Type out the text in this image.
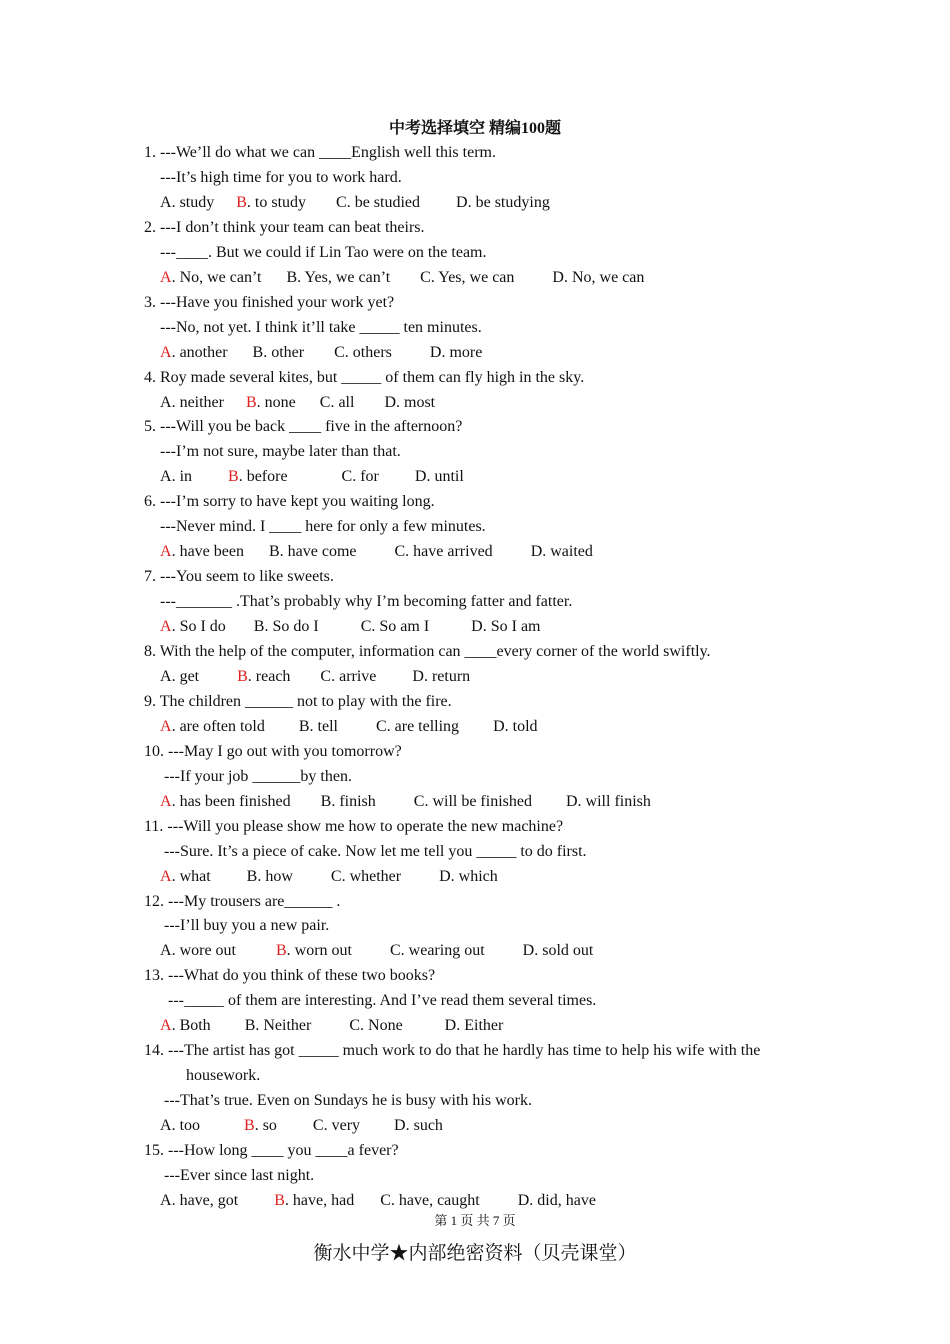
中考选择填空 精编100题
1. ---We’ll do what we can ____English well this term.
---It’s high time for you to work hard.
A. study B. to study C. be studied D. be studying
2. ---I don’t think your team can beat theirs.
---____. But we could if Lin Tao were on the team.
A. No, we can’t B. Yes, we can’t C. Yes, we can D. No, we can
3. ---Have you finished your work yet?
---No, not yet. I think it’ll take _____ ten minutes.
A. another B. other C. others D. more
4. Roy made several kites, but _____ of them can fly high in the sky.
A. neither B. none C. all D. most
5. ---Will you be back ____ five in the afternoon?
---I’m not sure, maybe later than that.
A. in B. before	C. for D. until
6. ---I’m sorry to have kept you waiting long.
---Never mind. I ____ here for only a few minutes.
A. have been B. have come C. have arrived D. waited
7. ---You seem to like sweets.
---_______ .That’s probably why I’m becoming fatter and fatter.
A. So I do B. So do I	C. So am I	D. So I am
8. With the help of the computer, information can ____every corner of the world swiftly.
A. get B. reach C. arrive D. return
9. The children ______ not to play with the fire.
A. are often told B. tell C. are telling D. told
10. ---May I go out with you tomorrow?
---If your job ______by then.
A. has been finished B. finish C. will be finished D. will finish
11. ---Will you please show me how to operate the new machine?
---Sure. It’s a piece of cake. Now let me tell you _____ to do first.
A. what B. how C. whether D. which
12. ---My trousers are______ .
---I’ll buy you a new pair.
A. wore out	B. worn out C. wearing out D. sold out
13. ---What do you think of these two books?
---_____ of them are interesting. And I’ve read them several times.
A. Both B. Neither C. None	D. Either
14. ---The artist has got _____ much work to do that he hardly has time to help his wife with the
housework.
---That’s true. Even on Sundays he is busy with his work.
A. too	B. so C. very D. such
15. ---How long ____ you ____a fever?
---Ever since last night.
A. have, got B. have, had C. have, caught D. did, have
第 1 页 共 7 页
衡水中学★内部绝密资料（贝壳课堂）
